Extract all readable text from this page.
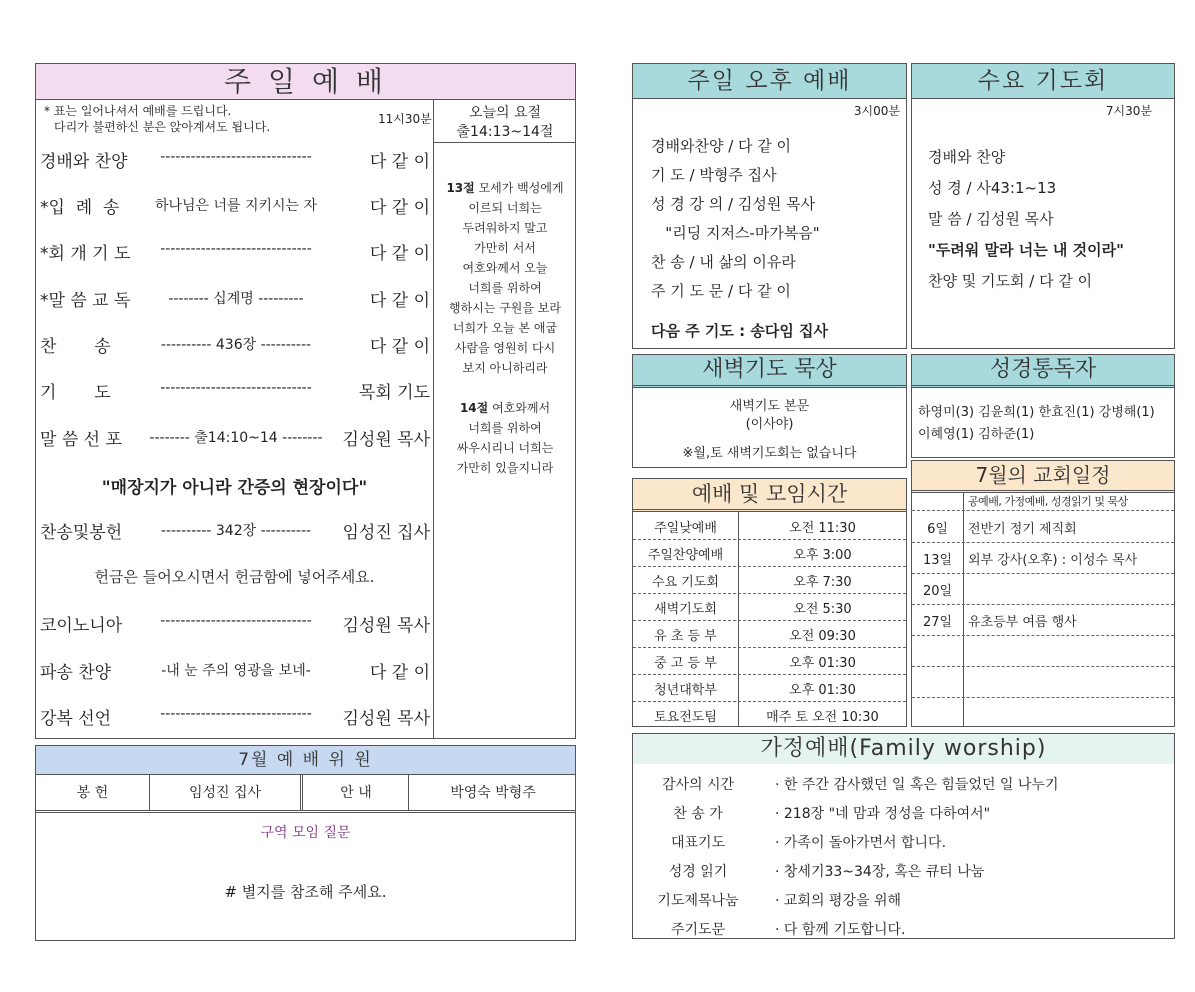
주 일 예 배
* 표는 일어나셔서 예배를 드립니다.
다리가 불편하신 분은 앉아계셔도 됩니다.
11시30분
경배와 찬양	------------------------------	다 같 이
*입  례  송	하나님은 너를 지키시는 자	다 같 이
*회 개 기 도	------------------------------	다 같 이
*말 씀 교 독	-------- 십계명 ---------	다 같 이
찬       송	---------- 436장 ----------	다 같 이
기       도	------------------------------	목회 기도
말 씀 선 포	-------- 출14:10~14 --------	김성원 목사
찬송및봉헌	---------- 342장 ----------	임성진 집사
코이노니아	------------------------------	김성원 목사
파송 찬양	-내 눈 주의 영광을 보네-	다 같 이
강복 선언	------------------------------	김성원 목사
"매장지가 아니라 간증의 현장이다"
헌금은 들어오시면서 헌금함에 넣어주세요.
오늘의 요절
출14:13~14절
13절 모세가 백성에게
이르되 너희는
두려워하지 말고
가만히 서서
여호와께서 오늘
너희를 위하여
행하시는 구원을 보라
너희가 오늘 본 애굽
사람을 영원히 다시
보지 아니하리라
14절 여호와께서
너희를 위하여
싸우시리니 너희는
가만히 있을지니라
7월 예 배 위 원
봉 헌	임성진 집사	안 내	박영숙 박형주
구역 모임 질문
# 별지를 참조해 주세요.
주일 오후 예배
3시00분
경배와찬양 / 다 같 이
기 도 / 박형주 집사
성 경 강 의 / 김성원 목사
"리딩 지저스-마가복음"
찬 송 / 내 삶의 이유라
주 기 도 문 / 다 같 이
다음 주 기도 : 송다임 집사
수요 기도회
7시30분
경배와 찬양
성 경 / 사43:1~13
말 씀 / 김성원 목사
"두려워 말라 너는 내 것이라"
찬양 및 기도회 / 다 같 이
새벽기도 묵상
새벽기도 본문
(이사야)
※월,토 새벽기도회는 없습니다
성경통독자
하영미(3) 김윤희(1) 한효진(1) 강병해(1)
이혜영(1) 김하준(1)
예배 및 모임시간
주일낮예배	오전 11:30
주일찬양예배	오후 3:00
수요 기도회	오후 7:30
새벽기도회	오전 5:30
유 초 등 부	오전 09:30
중 고 등 부	오후 01:30
청년대학부	오후 01:30
토요전도팀	매주 토 오전 10:30
7월의 교회일정
공예배, 가정예배, 성경읽기 및 묵상
6일	전반기 정기 제직회
13일	외부 강사(오후) : 이성수 목사
20일
27일	유초등부 여름 행사
가정예배(Family worship)
감사의 시간	· 한 주간 감사했던 일 혹은 힘들었던 일 나누기
찬 송 가	· 218장 "네 맘과 정성을 다하여서"
대표기도	· 가족이 돌아가면서 합니다.
성경 읽기	· 창세기33~34장, 혹은 큐티 나눔
기도제목나눔	· 교회의 평강을 위해
주기도문	· 다 함께 기도합니다.
